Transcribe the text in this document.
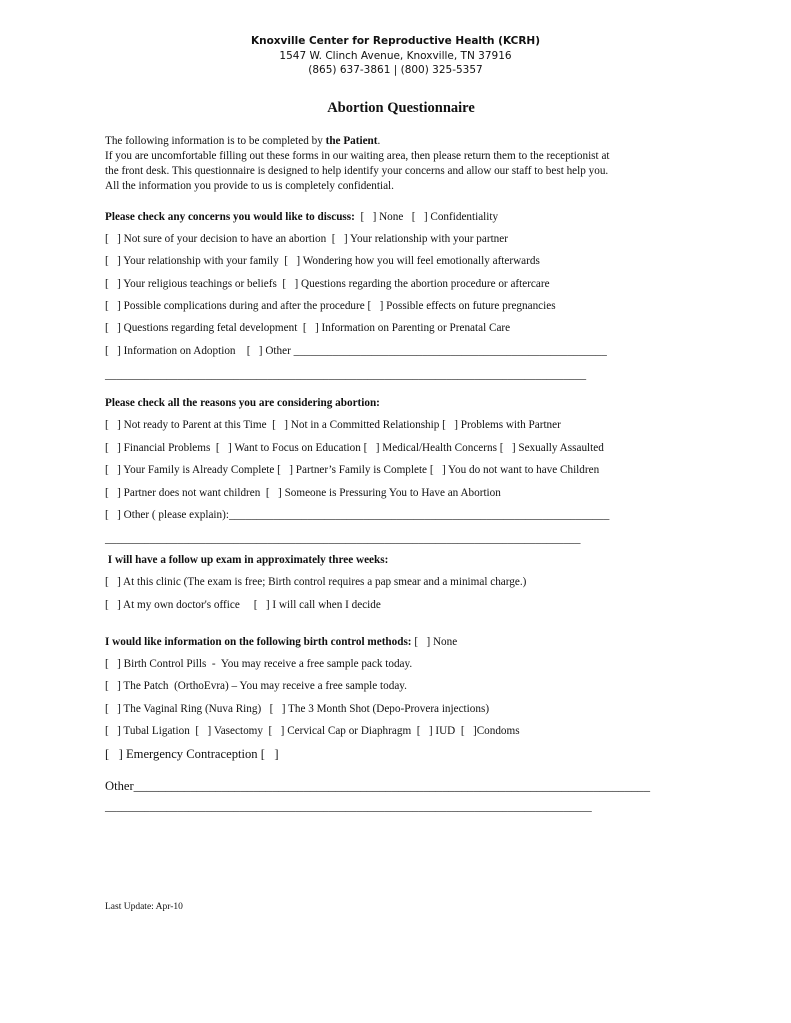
Knoxville Center for Reproductive Health (KCRH)
1547 W. Clinch Avenue, Knoxville, TN 37916
(865) 637-3861 | (800) 325-5357
Abortion Questionnaire
The following information is to be completed by the Patient.
If you are uncomfortable filling out these forms in our waiting area, then please return them to the receptionist at
the front desk. This questionnaire is designed to help identify your concerns and allow our staff to best help you.
All the information you provide to us is completely confidential.
Please check any concerns you would like to discuss:  [   ] None   [   ] Confidentiality
[   ] Not sure of your decision to have an abortion  [   ] Your relationship with your partner
[   ] Your relationship with your family  [   ] Wondering how you will feel emotionally afterwards
[   ] Your religious teachings or beliefs  [   ] Questions regarding the abortion procedure or aftercare
[   ] Possible complications during and after the procedure [   ] Possible effects on future pregnancies
[   ] Questions regarding fetal development  [   ] Information on Parenting or Prenatal Care
[   ] Information on Adoption    [   ] Other ________________________________________________________
______________________________________________________________________________________
Please check all the reasons you are considering abortion:
[   ] Not ready to Parent at this Time  [   ] Not in a Committed Relationship [   ] Problems with Partner
[   ] Financial Problems  [   ] Want to Focus on Education [   ] Medical/Health Concerns [   ] Sexually Assaulted
[   ] Your Family is Already Complete [   ] Partner’s Family is Complete [   ] You do not want to have Children
[   ] Partner does not want children  [   ] Someone is Pressuring You to Have an Abortion
[   ] Other ( please explain):____________________________________________________________________
_____________________________________________________________________________________
I will have a follow up exam in approximately three weeks:
[   ] At this clinic (The exam is free; Birth control requires a pap smear and a minimal charge.)
[   ] At my own doctor's office     [   ] I will call when I decide
I would like information on the following birth control methods: [   ] None
[   ] Birth Control Pills  -  You may receive a free sample pack today.
[   ] The Patch  (OrthoEvra) – You may receive a free sample today.
[   ] The Vaginal Ring (Nuva Ring)   [   ] The 3 Month Shot (Depo-Provera injections)
[   ] Tubal Ligation  [   ] Vasectomy  [   ] Cervical Cap or Diaphragm  [   ] IUD  [   ]Condoms
[   ] Emergency Contraception [   ]
Other__________________________________________________________________________________
_______________________________________________________________________________________
Last Update: Apr-10
